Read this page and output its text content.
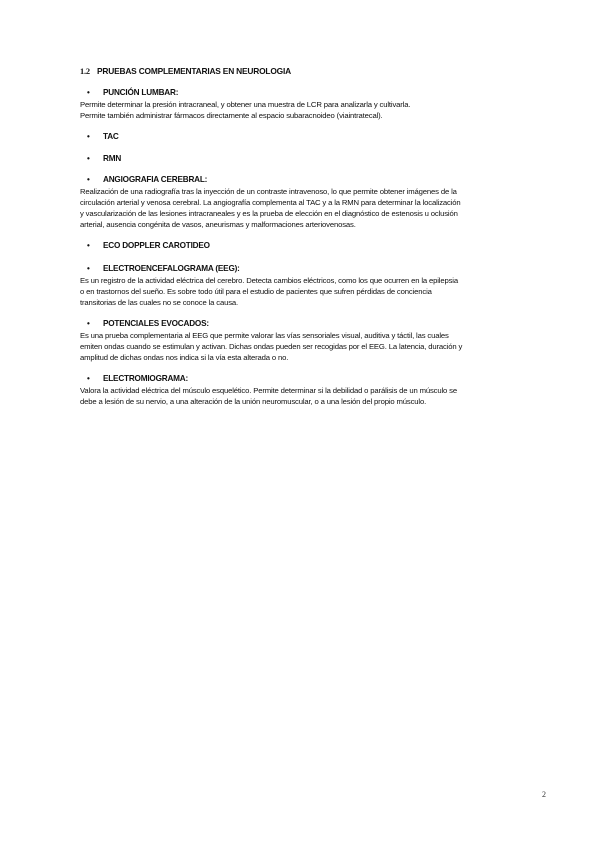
1.2 PRUEBAS COMPLEMENTARIAS EN NEUROLOGIA
• PUNCIÓN LUMBAR:

Permite determinar la presión intracraneal, y obtener una muestra de LCR para analizarla y cultivarla.

Permite también administrar fármacos directamente al espacio subaracnoideo (viaintratecal).

• TAC
• RMN
• ANGIOGRAFIA CEREBRAL:

Realización de una radiografía tras la inyección de un contraste intravenoso, lo que permite obtener imágenes de la

circulación arterial y venosa cerebral. La angiografía complementa al TAC y a la RMN para determinar la localización

y vascularización de las lesiones intracraneales y es la prueba de elección en el diagnóstico de estenosis u oclusión

arterial, ausencia congénita de vasos, aneurismas y malformaciones arteriovenosas.

• ECO DOPPLER CAROTIDEO
• ELECTROENCEFALOGRAMA (EEG):

Es un registro de la actividad eléctrica del cerebro. Detecta cambios eléctricos, como los que ocurren en la epilepsia

o en trastornos del sueño. Es sobre todo útil para el estudio de pacientes que sufren pérdidas de conciencia

transitorias de las cuales no se conoce la causa.

• POTENCIALES EVOCADOS:

Es una prueba complementaria al EEG que permite valorar las vías sensoriales visual, auditiva y táctil, las cuales

emiten ondas cuando se estimulan y activan. Dichas ondas pueden ser recogidas por el EEG. La latencia, duración y

amplitud de dichas ondas nos indica si la vía esta alterada o no.

• ELECTROMIOGRAMA:

Valora la actividad eléctrica del músculo esquelético. Permite determinar si la debilidad o parálisis de un músculo se

debe a lesión de su nervio, a una alteración de la unión neuromuscular, o a una lesión del propio músculo.

2
